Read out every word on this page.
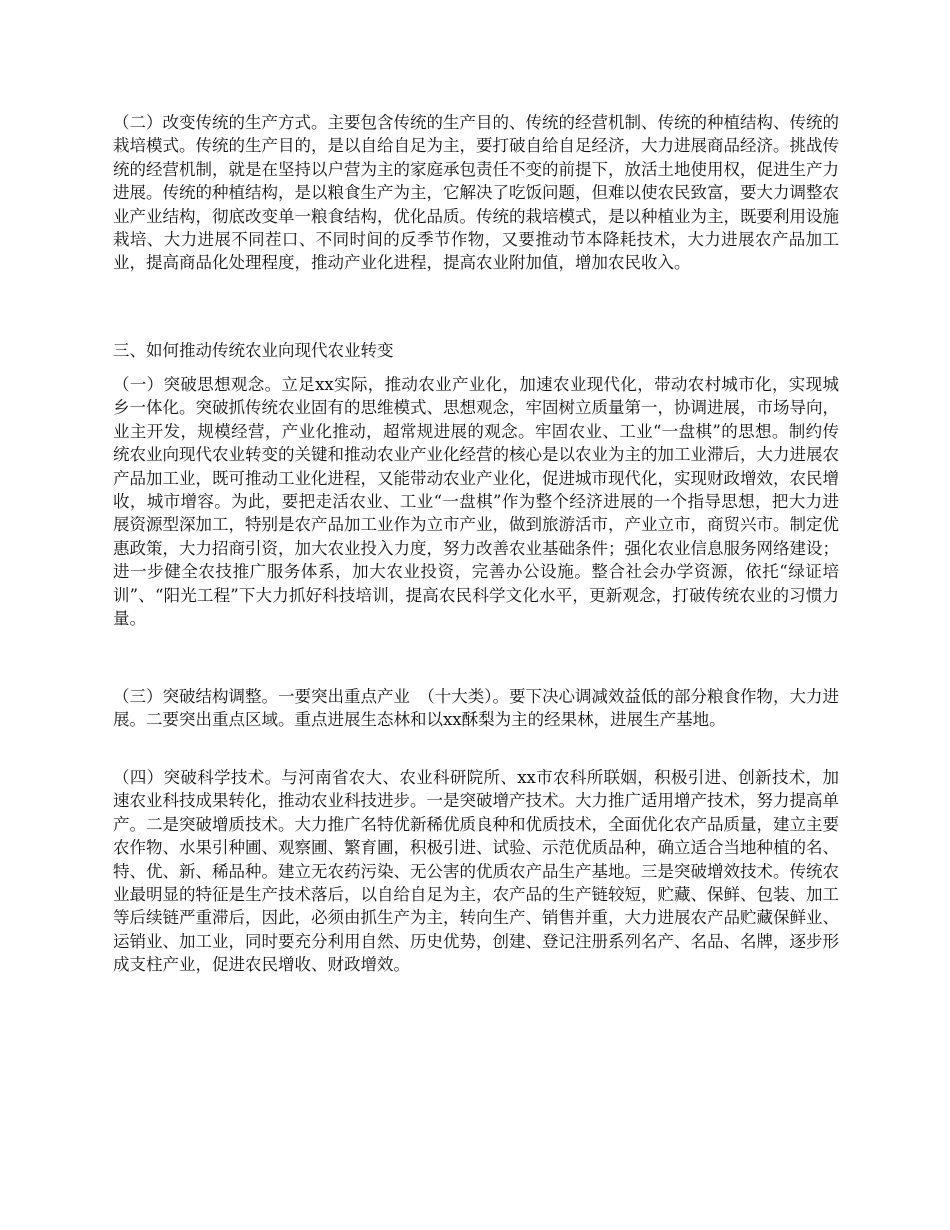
（二）改变传统的生产方式。主要包含传统的生产目的、传统的经营机制、传统的种植结构、传统的栽培模式。传统的生产目的，是以自给自足为主，要打破自给自足经济，大力进展商品经济。挑战传统的经营机制，就是在坚持以户营为主的家庭承包责任不变的前提下，放活土地使用权，促进生产力进展。传统的种植结构，是以粮食生产为主，它解决了吃饭问题，但难以使农民致富，要大力调整农业产业结构，彻底改变单一粮食结构，优化品质。传统的栽培模式，是以种植业为主，既要利用设施栽培、大力进展不同茬口、不同时间的反季节作物，又要推动节本降耗技术，大力进展农产品加工业，提高商品化处理程度，推动产业化进程，提高农业附加值，增加农民收入。

三、如何推动传统农业向现代农业转变

（一）突破思想观念。立足xx实际，推动农业产业化，加速农业现代化，带动农村城市化，实现城乡一体化。突破抓传统农业固有的思维模式、思想观念，牢固树立质量第一，协调进展，市场导向，业主开发，规模经营，产业化推动，超常规进展的观念。牢固农业、工业“一盘棋”的思想。制约传统农业向现代农业转变的关键和推动农业产业化经营的核心是以农业为主的加工业滞后，大力进展农产品加工业，既可推动工业化进程，又能带动农业产业化，促进城市现代化，实现财政增效，农民增收，城市增容。为此，要把走活农业、工业“一盘棋”作为整个经济进展的一个指导思想，把大力进展资源型深加工，特别是农产品加工业作为立市产业，做到旅游活市，产业立市，商贸兴市。制定优惠政策，大力招商引资，加大农业投入力度，努力改善农业基础条件；强化农业信息服务网络建设；进一步健全农技推广服务体系，加大农业投资，完善办公设施。整合社会办学资源，依托“绿证培训”、“阳光工程”下大力抓好科技培训，提高农民科学文化水平，更新观念，打破传统农业的习惯力量。

（三）突破结构调整。一要突出重点产业　（十大类）。要下决心调减效益低的部分粮食作物，大力进展。二要突出重点区域。重点进展生态林和以xx酥梨为主的经果林，进展生产基地。

（四）突破科学技术。与河南省农大、农业科研院所、xx市农科所联姻，积极引进、创新技术，加速农业科技成果转化，推动农业科技进步。一是突破增产技术。大力推广适用增产技术，努力提高单产。二是突破增质技术。大力推广名特优新稀优质良种和优质技术，全面优化农产品质量，建立主要农作物、水果引种圃、观察圃、繁育圃，积极引进、试验、示范优质品种，确立适合当地种植的名、特、优、新、稀品种。建立无农药污染、无公害的优质农产品生产基地。三是突破增效技术。传统农业最明显的特征是生产技术落后，以自给自足为主，农产品的生产链较短，贮藏、保鲜、包装、加工等后续链严重滞后，因此，必须由抓生产为主，转向生产、销售并重，大力进展农产品贮藏保鲜业、运销业、加工业，同时要充分利用自然、历史优势，创建、登记注册系列名产、名品、名牌，逐步形成支柱产业，促进农民增收、财政增效。
